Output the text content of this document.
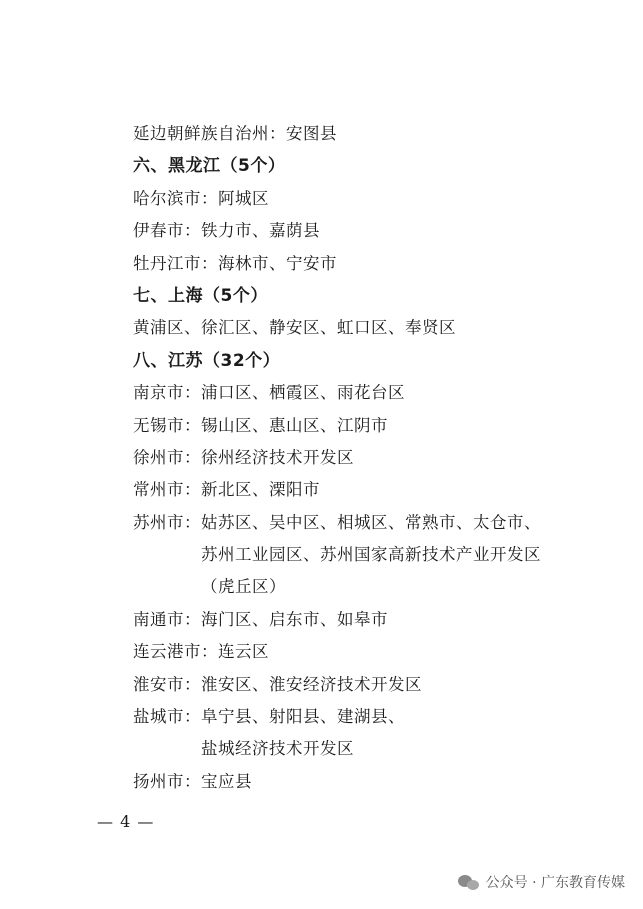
延边朝鲜族自治州： 安图县
六、黑龙江（5个）
哈尔滨市： 阿城区
伊春市： 铁力市、嘉荫县
牡丹江市： 海林市、宁安市
七、上海（5个）
黄浦区、徐汇区、静安区、虹口区、奉贤区
八、江苏（32个）
南京市： 浦口区、栖霞区、雨花台区
无锡市： 锡山区、惠山区、江阴市
徐州市： 徐州经济技术开发区
常州市： 新北区、溧阳市
苏州市： 姑苏区、吴中区、相城区、常熟市、太仓市、
苏州工业园区、苏州国家高新技术产业开发区
（虎丘区）
南通市： 海门区、启东市、如皋市
连云港市： 连云区
淮安市： 淮安区、淮安经济技术开发区
盐城市： 阜宁县、射阳县、建湖县、
盐城经济技术开发区
扬州市： 宝应县
— 4 —
公众号 · 广东教育传媒
